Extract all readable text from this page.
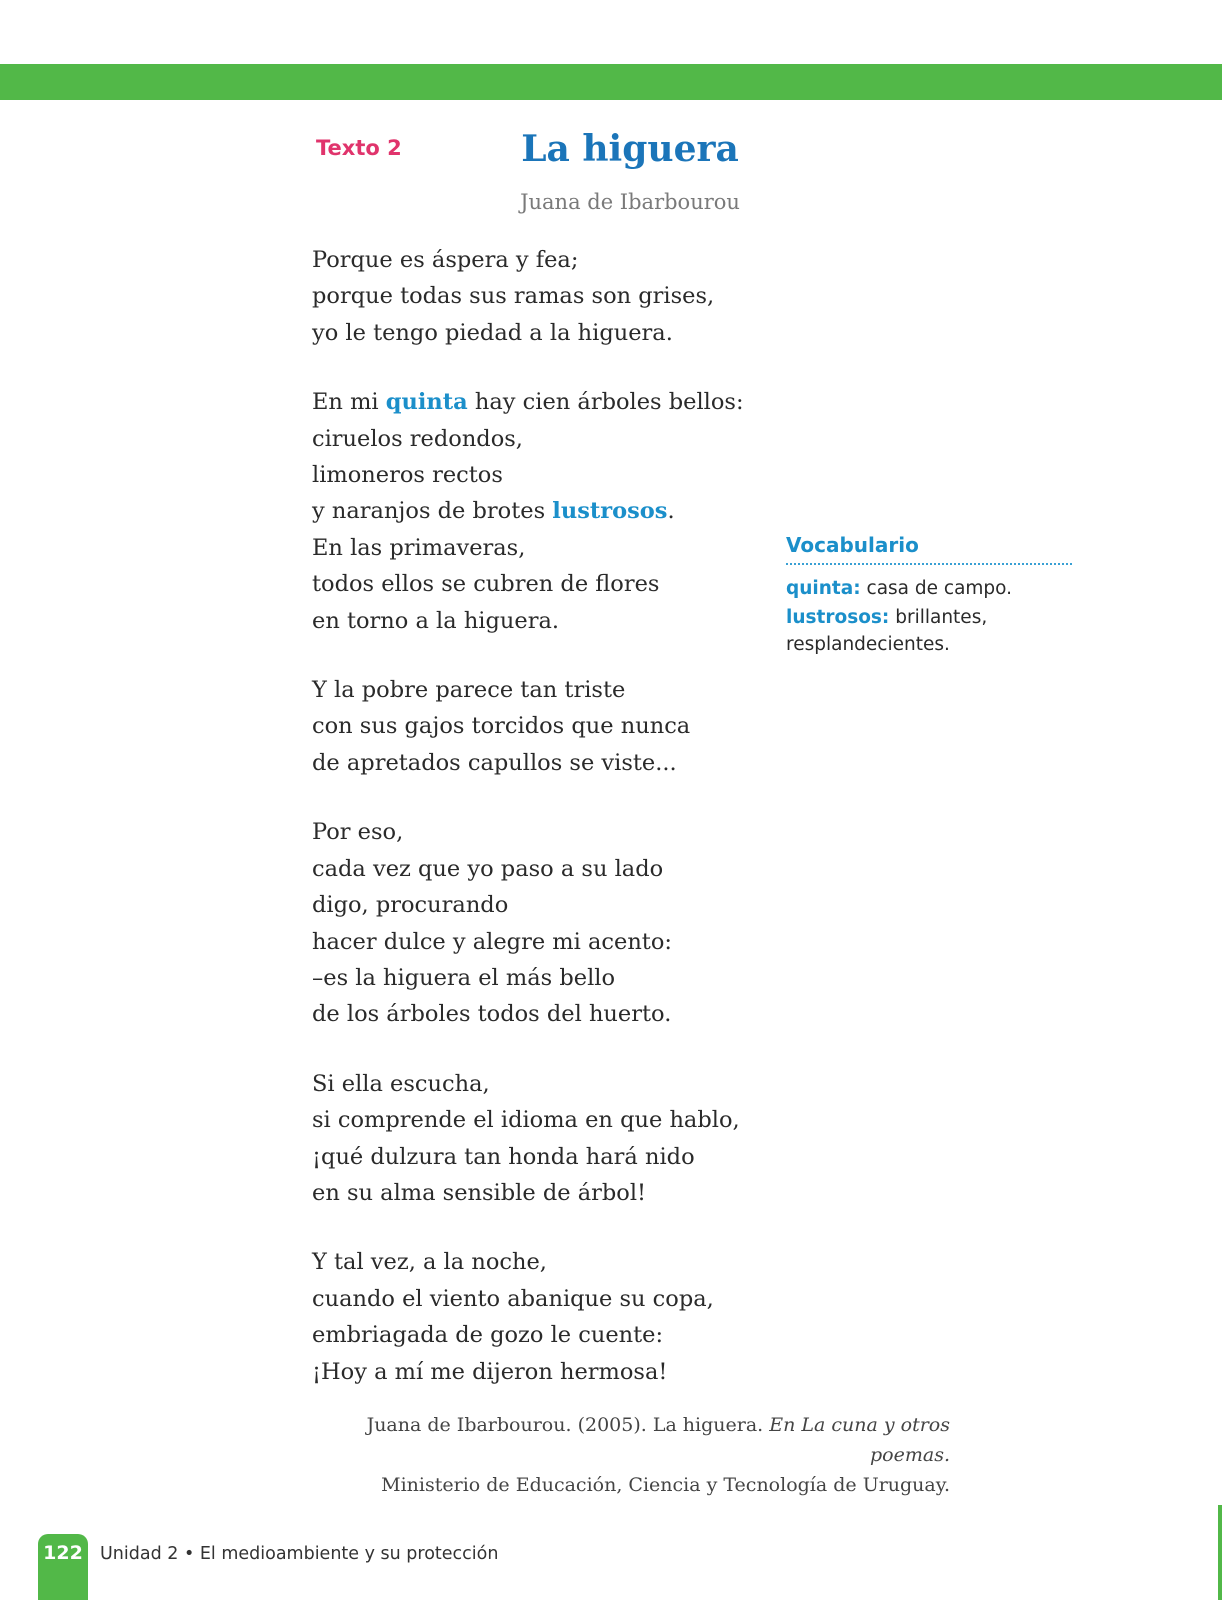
Texto 2	La higuera
Juana de Ibarbourou
Porque es áspera y fea;
porque todas sus ramas son grises,
yo le tengo piedad a la higuera.
En mi quinta hay cien árboles bellos:
ciruelos redondos,
limoneros rectos
y naranjos de brotes lustrosos.
En las primaveras,
todos ellos se cubren de flores
en torno a la higuera.
Y la pobre parece tan triste
con sus gajos torcidos que nunca
de apretados capullos se viste...
Por eso,
cada vez que yo paso a su lado
digo, procurando
hacer dulce y alegre mi acento:
–es la higuera el más bello
de los árboles todos del huerto.
Si ella escucha,
si comprende el idioma en que hablo,
¡qué dulzura tan honda hará nido
en su alma sensible de árbol!
Y tal vez, a la noche,
cuando el viento abanique su copa,
embriagada de gozo le cuente:
¡Hoy a mí me dijeron hermosa!
Vocabulario
quinta: casa de campo.
lustrosos: brillantes, resplandecientes.
Juana de Ibarbourou. (2005). La higuera. En La cuna y otros poemas.
Ministerio de Educación, Ciencia y Tecnología de Uruguay.
122 Unidad 2 • El medioambiente y su protección
